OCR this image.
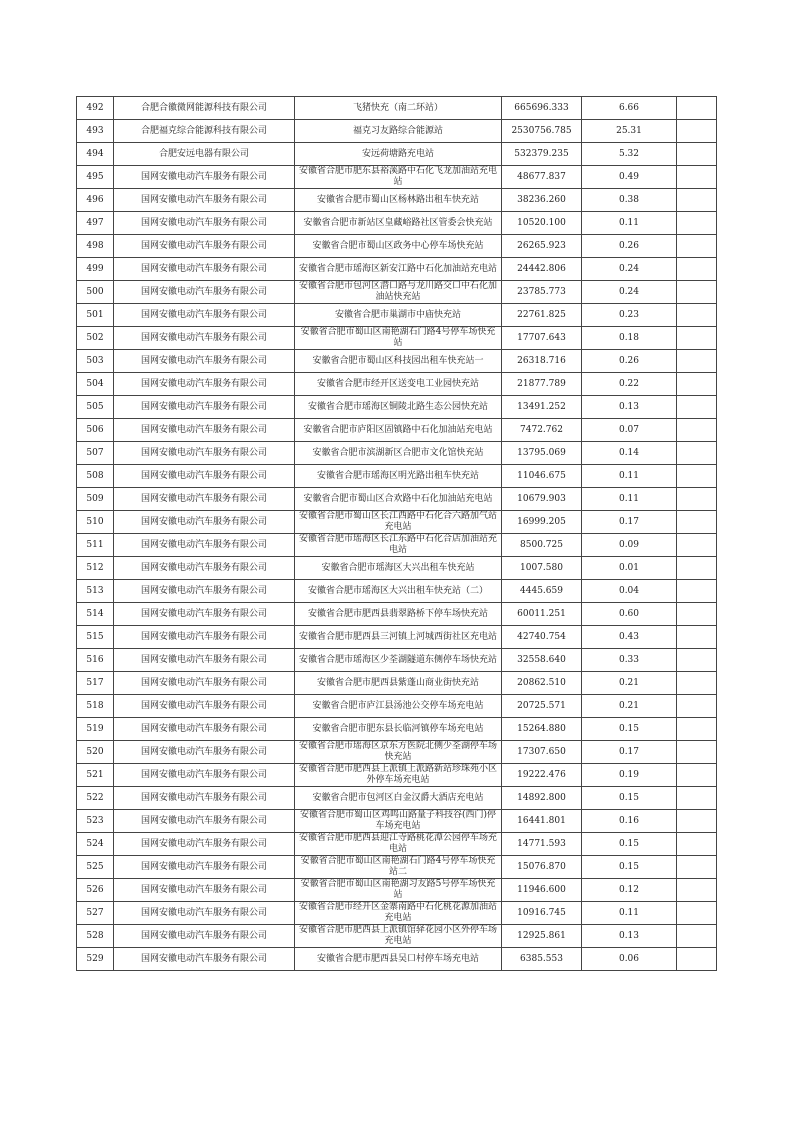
492	合肥合徽微网能源科技有限公司	飞猪快充（南二环站）	665696.333	6.66	
493	合肥福克综合能源科技有限公司	福克习友路综合能源站	2530756.785	25.31	
494	合肥安远电器有限公司	安远荷塘路充电站	532379.235	5.32	
495	国网安徽电动汽车服务有限公司	安徽省合肥市肥东县裕溪路中石化飞龙加油站充电站	48677.837	0.49	
496	国网安徽电动汽车服务有限公司	安徽省合肥市蜀山区杨林路出租车快充站	38236.260	0.38	
497	国网安徽电动汽车服务有限公司	安徽省合肥市新站区皇藏峪路社区管委会快充站	10520.100	0.11	
498	国网安徽电动汽车服务有限公司	安徽省合肥市蜀山区政务中心停车场快充站	26265.923	0.26	
499	国网安徽电动汽车服务有限公司	安徽省合肥市瑶海区新安江路中石化加油站充电站	24442.806	0.24	
500	国网安徽电动汽车服务有限公司	安徽省合肥市包河区潜口路与龙川路交口中石化加油站快充站	23785.773	0.24	
501	国网安徽电动汽车服务有限公司	安徽省合肥市巢湖市中庙快充站	22761.825	0.23	
502	国网安徽电动汽车服务有限公司	安徽省合肥市蜀山区南艳湖石门路4号停车场快充站	17707.643	0.18	
503	国网安徽电动汽车服务有限公司	安徽省合肥市蜀山区科技园出租车快充站一	26318.716	0.26	
504	国网安徽电动汽车服务有限公司	安徽省合肥市经开区送变电工业园快充站	21877.789	0.22	
505	国网安徽电动汽车服务有限公司	安徽省合肥市瑶海区铜陵北路生态公园快充站	13491.252	0.13	
506	国网安徽电动汽车服务有限公司	安徽省合肥市庐阳区固镇路中石化加油站充电站	7472.762	0.07	
507	国网安徽电动汽车服务有限公司	安徽省合肥市滨湖新区合肥市文化馆快充站	13795.069	0.14	
508	国网安徽电动汽车服务有限公司	安徽省合肥市瑶海区明光路出租车快充站	11046.675	0.11	
509	国网安徽电动汽车服务有限公司	安徽省合肥市蜀山区合欢路中石化加油站充电站	10679.903	0.11	
510	国网安徽电动汽车服务有限公司	安徽省合肥市蜀山区长江西路中石化合六路加气站充电站	16999.205	0.17	
511	国网安徽电动汽车服务有限公司	安徽省合肥市瑶海区长江东路中石化合店加油站充电站	8500.725	0.09	
512	国网安徽电动汽车服务有限公司	安徽省合肥市瑶海区大兴出租车快充站	1007.580	0.01	
513	国网安徽电动汽车服务有限公司	安徽省合肥市瑶海区大兴出租车快充站（二）	4445.659	0.04	
514	国网安徽电动汽车服务有限公司	安徽省合肥市肥西县翡翠路桥下停车场快充站	60011.251	0.60	
515	国网安徽电动汽车服务有限公司	安徽省合肥市肥西县三河镇上河城西街社区充电站	42740.754	0.43	
516	国网安徽电动汽车服务有限公司	安徽省合肥市瑶海区少荃湖隧道东侧停车场快充站	32558.640	0.33	
517	国网安徽电动汽车服务有限公司	安徽省合肥市肥西县紫蓬山商业街快充站	20862.510	0.21	
518	国网安徽电动汽车服务有限公司	安徽省合肥市庐江县汤池公交停车场充电站	20725.571	0.21	
519	国网安徽电动汽车服务有限公司	安徽省合肥市肥东县长临河镇停车场充电站	15264.880	0.15	
520	国网安徽电动汽车服务有限公司	安徽省合肥市瑶海区京东方医院北侧少荃湖停车场快充站	17307.650	0.17	
521	国网安徽电动汽车服务有限公司	安徽省合肥市肥西县上派镇上派路新站珍珠苑小区外停车场充电站	19222.476	0.19	
522	国网安徽电动汽车服务有限公司	安徽省合肥市包河区白金汉爵大酒店充电站	14892.800	0.15	
523	国网安徽电动汽车服务有限公司	安徽省合肥市蜀山区鸡鸣山路量子科技谷(西门)停车场充电站	16441.801	0.16	
524	国网安徽电动汽车服务有限公司	安徽省合肥市肥西县迎江寺路桃花潭公园停车场充电站	14771.593	0.15	
525	国网安徽电动汽车服务有限公司	安徽省合肥市蜀山区南艳湖石门路4号停车场快充站二	15076.870	0.15	
526	国网安徽电动汽车服务有限公司	安徽省合肥市蜀山区南艳湖习友路5号停车场快充站	11946.600	0.12	
527	国网安徽电动汽车服务有限公司	安徽省合肥市经开区金寨南路中石化桃花源加油站充电站	10916.745	0.11	
528	国网安徽电动汽车服务有限公司	安徽省合肥市肥西县上派镇馆驿花园小区外停车场充电站	12925.861	0.13	
529	国网安徽电动汽车服务有限公司	安徽省合肥市肥西县吴口村停车场充电站	6385.553	0.06	
